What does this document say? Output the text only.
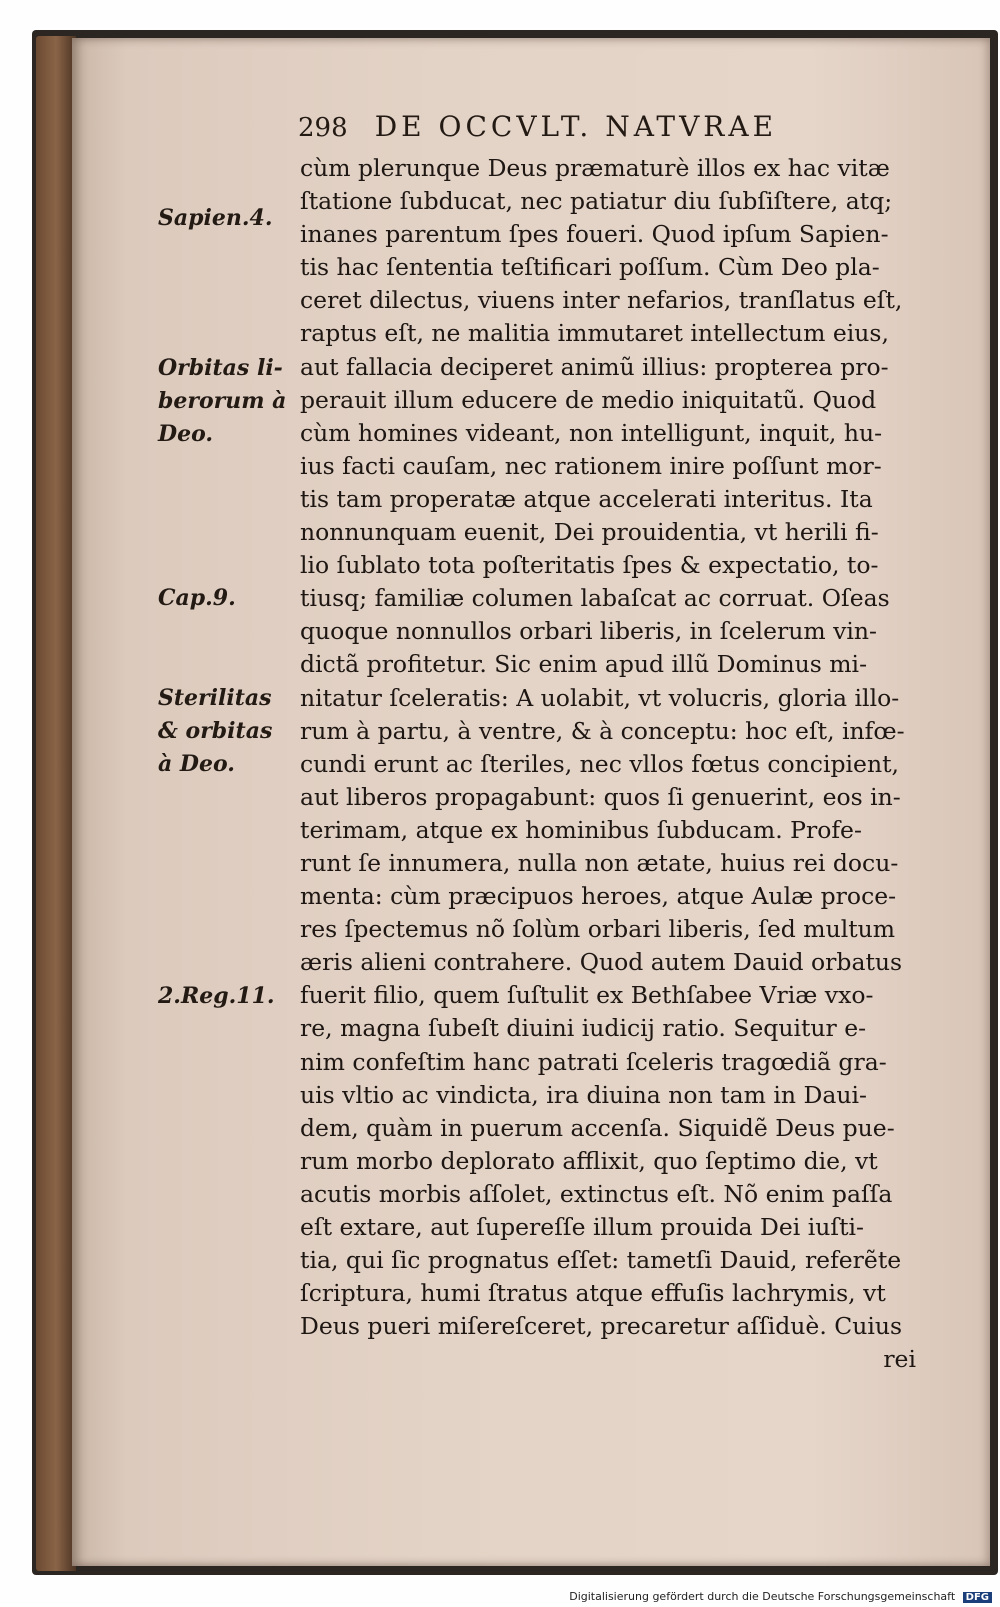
298 DE OCCVLT. NATVRAE
cùm plerunque Deus præmaturè illos ex hac vitæ
ſtatione ſubducat, nec patiatur diu ſubſiſtere, atq;
inanes parentum ſpes foueri. Quod ipſum Sapien-
tis hac ſententia teſtificari poſſum. Cùm Deo pla-
ceret dilectus, viuens inter nefarios, tranſlatus eſt,
raptus eſt, ne malitia immutaret intellectum eius,
aut fallacia deciperet animũ illius: propterea pro-
perauit illum educere de medio iniquitatũ. Quod
cùm homines videant, non intelligunt, inquit, hu-
ius facti cauſam, nec rationem inire poſſunt mor-
tis tam properatæ atque accelerati interitus. Ita
nonnunquam euenit, Dei prouidentia, vt herili fi-
lio ſublato tota poſteritatis ſpes & expectatio, to-
tiusq; familiæ columen labaſcat ac corruat. Oſeas
quoque nonnullos orbari liberis, in ſcelerum vin-
dictã profitetur. Sic enim apud illũ Dominus mi-
nitatur ſceleratis: A uolabit, vt volucris, gloria illo-
rum à partu, à ventre, & à conceptu: hoc eſt, infœ-
cundi erunt ac ſteriles, nec vllos fœtus concipient,
aut liberos propagabunt: quos ſi genuerint, eos in-
terimam, atque ex hominibus ſubducam. Profe-
runt ſe innumera, nulla non ætate, huius rei docu-
menta: cùm præcipuos heroes, atque Aulæ proce-
res ſpectemus nõ ſolùm orbari liberis, ſed multum
æris alieni contrahere. Quod autem Dauid orbatus
fuerit filio, quem ſuſtulit ex Bethſabee Vriæ vxo-
re, magna ſubeſt diuini iudicij ratio. Sequitur e-
nim confeſtim hanc patrati ſceleris tragœdiã gra-
uis vltio ac vindicta, ira diuina non tam in Daui-
dem, quàm in puerum accenſa. Siquidẽ Deus pue-
rum morbo deplorato afflixit, quo ſeptimo die, vt
acutis morbis aſſolet, extinctus eſt. Nõ enim paſſa
eſt extare, aut ſupereſſe illum prouida Dei iuſti-
tia, qui ſic prognatus eſſet: tametſi Dauid, referẽte
ſcriptura, humi ſtratus atque effuſis lachrymis, vt
Deus pueri miſereſceret, precaretur aſſiduè. Cuius
rei
Sapien.4.
Orbitas li-
berorum à
Deo.
Cap.9.
Sterilitas
& orbitas
à Deo.
2.Reg.11.
Digitalisierung gefördert durch die Deutsche Forschungsgemeinschaft DFG
